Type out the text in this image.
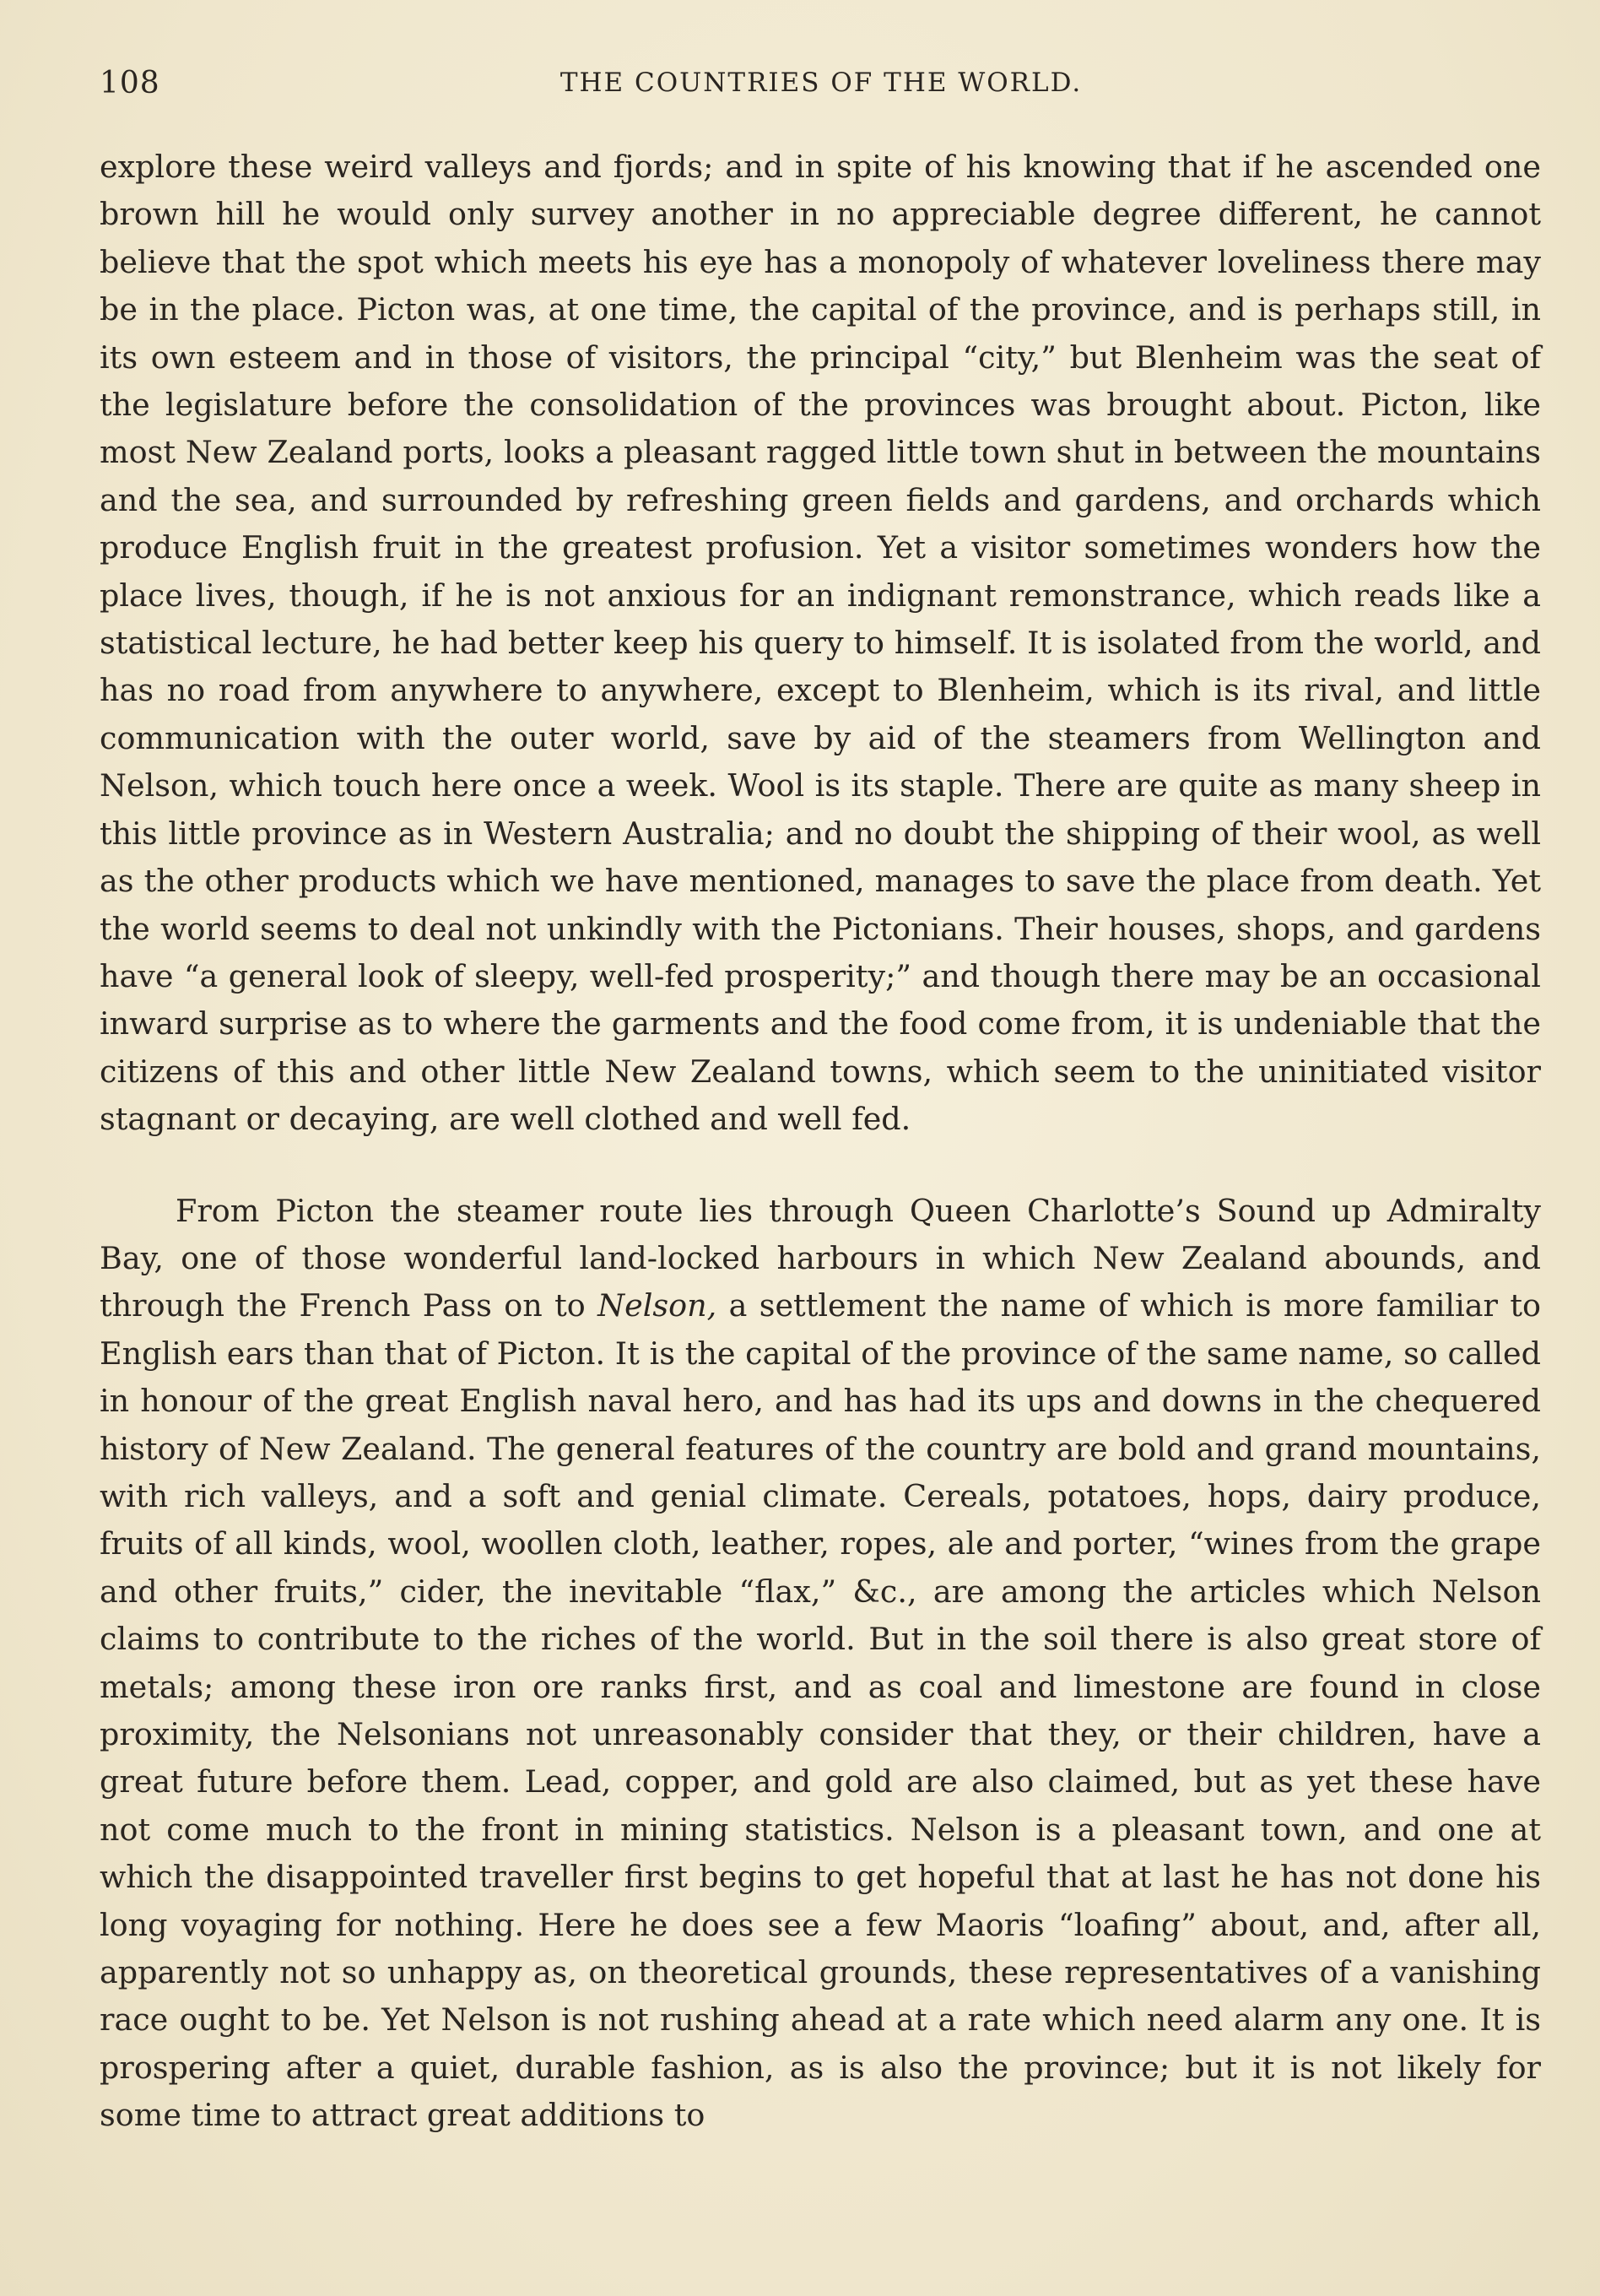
108	THE COUNTRIES OF THE WORLD.

explore these weird valleys and fjords; and in spite of his knowing that if he ascended one brown hill he would only survey another in no appreciable degree different, he cannot believe that the spot which meets his eye has a monopoly of whatever loveliness there may be in the place. Picton was, at one time, the capital of the province, and is perhaps still, in its own esteem and in those of visitors, the principal “city,” but Blenheim was the seat of the legislature before the consolidation of the provinces was brought about. Picton, like most New Zealand ports, looks a pleasant ragged little town shut in between the mountains and the sea, and surrounded by refreshing green fields and gardens, and orchards which produce English fruit in the greatest profusion. Yet a visitor sometimes wonders how the place lives, though, if he is not anxious for an indignant remonstrance, which reads like a statistical lecture, he had better keep his query to himself. It is isolated from the world, and has no road from anywhere to anywhere, except to Blenheim, which is its rival, and little communication with the outer world, save by aid of the steamers from Wellington and Nelson, which touch here once a week. Wool is its staple. There are quite as many sheep in this little province as in Western Australia; and no doubt the shipping of their wool, as well as the other products which we have mentioned, manages to save the place from death. Yet the world seems to deal not unkindly with the Pictonians. Their houses, shops, and gardens have “a general look of sleepy, well-fed prosperity;” and though there may be an occasional inward surprise as to where the garments and the food come from, it is undeniable that the citizens of this and other little New Zealand towns, which seem to the uninitiated visitor stagnant or decaying, are well clothed and well fed.

From Picton the steamer route lies through Queen Charlotte’s Sound up Admiralty Bay, one of those wonderful land-locked harbours in which New Zealand abounds, and through the French Pass on to Nelson, a settlement the name of which is more familiar to English ears than that of Picton. It is the capital of the province of the same name, so called in honour of the great English naval hero, and has had its ups and downs in the chequered history of New Zealand. The general features of the country are bold and grand mountains, with rich valleys, and a soft and genial climate. Cereals, potatoes, hops, dairy produce, fruits of all kinds, wool, woollen cloth, leather, ropes, ale and porter, “wines from the grape and other fruits,” cider, the inevitable “flax,” &c., are among the articles which Nelson claims to contribute to the riches of the world. But in the soil there is also great store of metals; among these iron ore ranks first, and as coal and limestone are found in close proximity, the Nelsonians not unreasonably consider that they, or their children, have a great future before them. Lead, copper, and gold are also claimed, but as yet these have not come much to the front in mining statistics. Nelson is a pleasant town, and one at which the disappointed traveller first begins to get hopeful that at last he has not done his long voyaging for nothing. Here he does see a few Maoris “loafing” about, and, after all, apparently not so unhappy as, on theoretical grounds, these representatives of a vanishing race ought to be. Yet Nelson is not rushing ahead at a rate which need alarm any one. It is prospering after a quiet, durable fashion, as is also the province; but it is not likely for some time to attract great additions to
